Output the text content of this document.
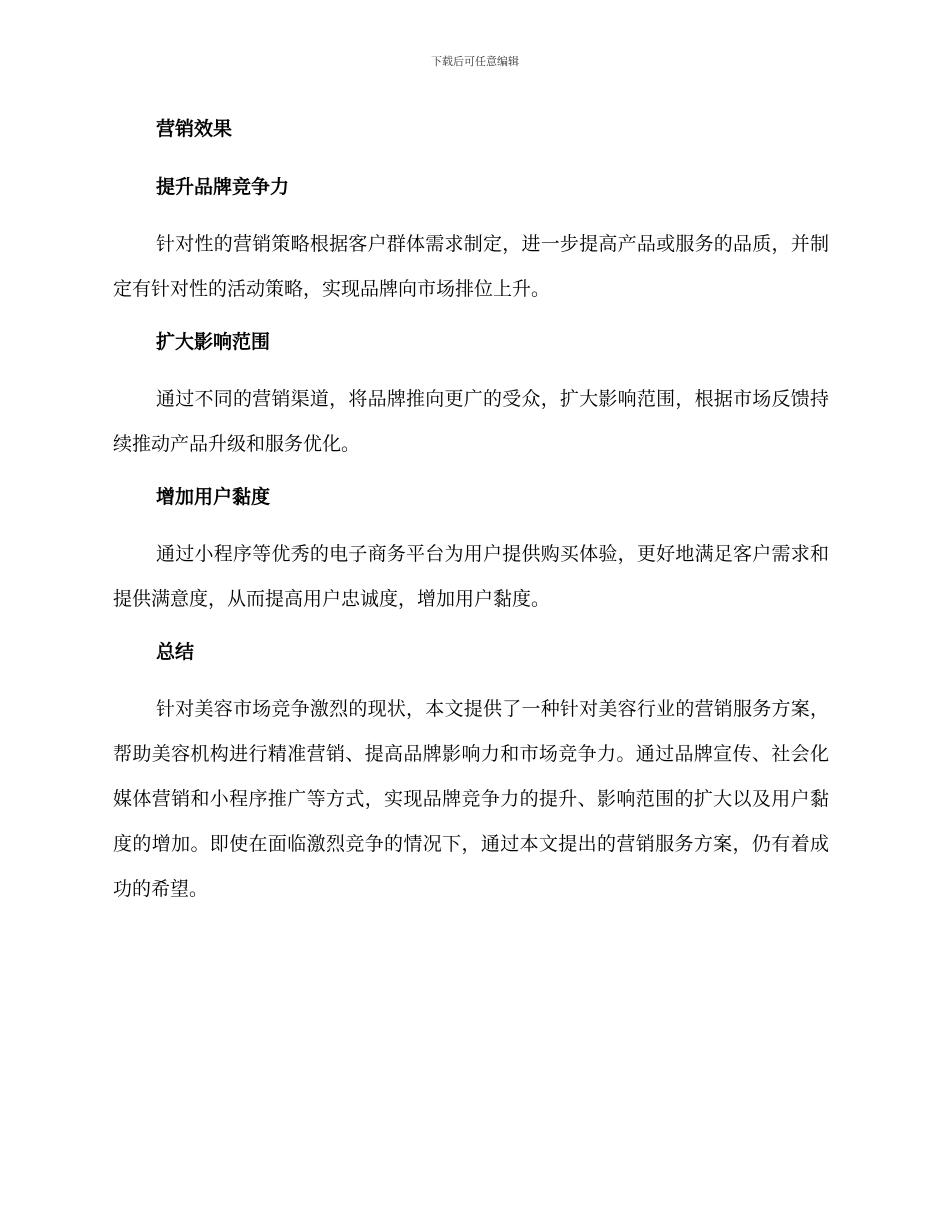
下载后可任意编辑
营销效果
提升品牌竞争力

针对性的营销策略根据客户群体需求制定，进一步提高产品或服务的品质，并制定有针对性的活动策略，实现品牌向市场排位上升。

扩大影响范围

通过不同的营销渠道，将品牌推向更广的受众，扩大影响范围，根据市场反馈持续推动产品升级和服务优化。

增加用户黏度

通过小程序等优秀的电子商务平台为用户提供购买体验，更好地满足客户需求和提供满意度，从而提高用户忠诚度，增加用户黏度。

总结

针对美容市场竞争激烈的现状，本文提供了一种针对美容行业的营销服务方案，帮助美容机构进行精准营销、提高品牌影响力和市场竞争力。通过品牌宣传、社会化媒体营销和小程序推广等方式，实现品牌竞争力的提升、影响范围的扩大以及用户黏度的增加。即使在面临激烈竞争的情况下，通过本文提出的营销服务方案，仍有着成功的希望。
